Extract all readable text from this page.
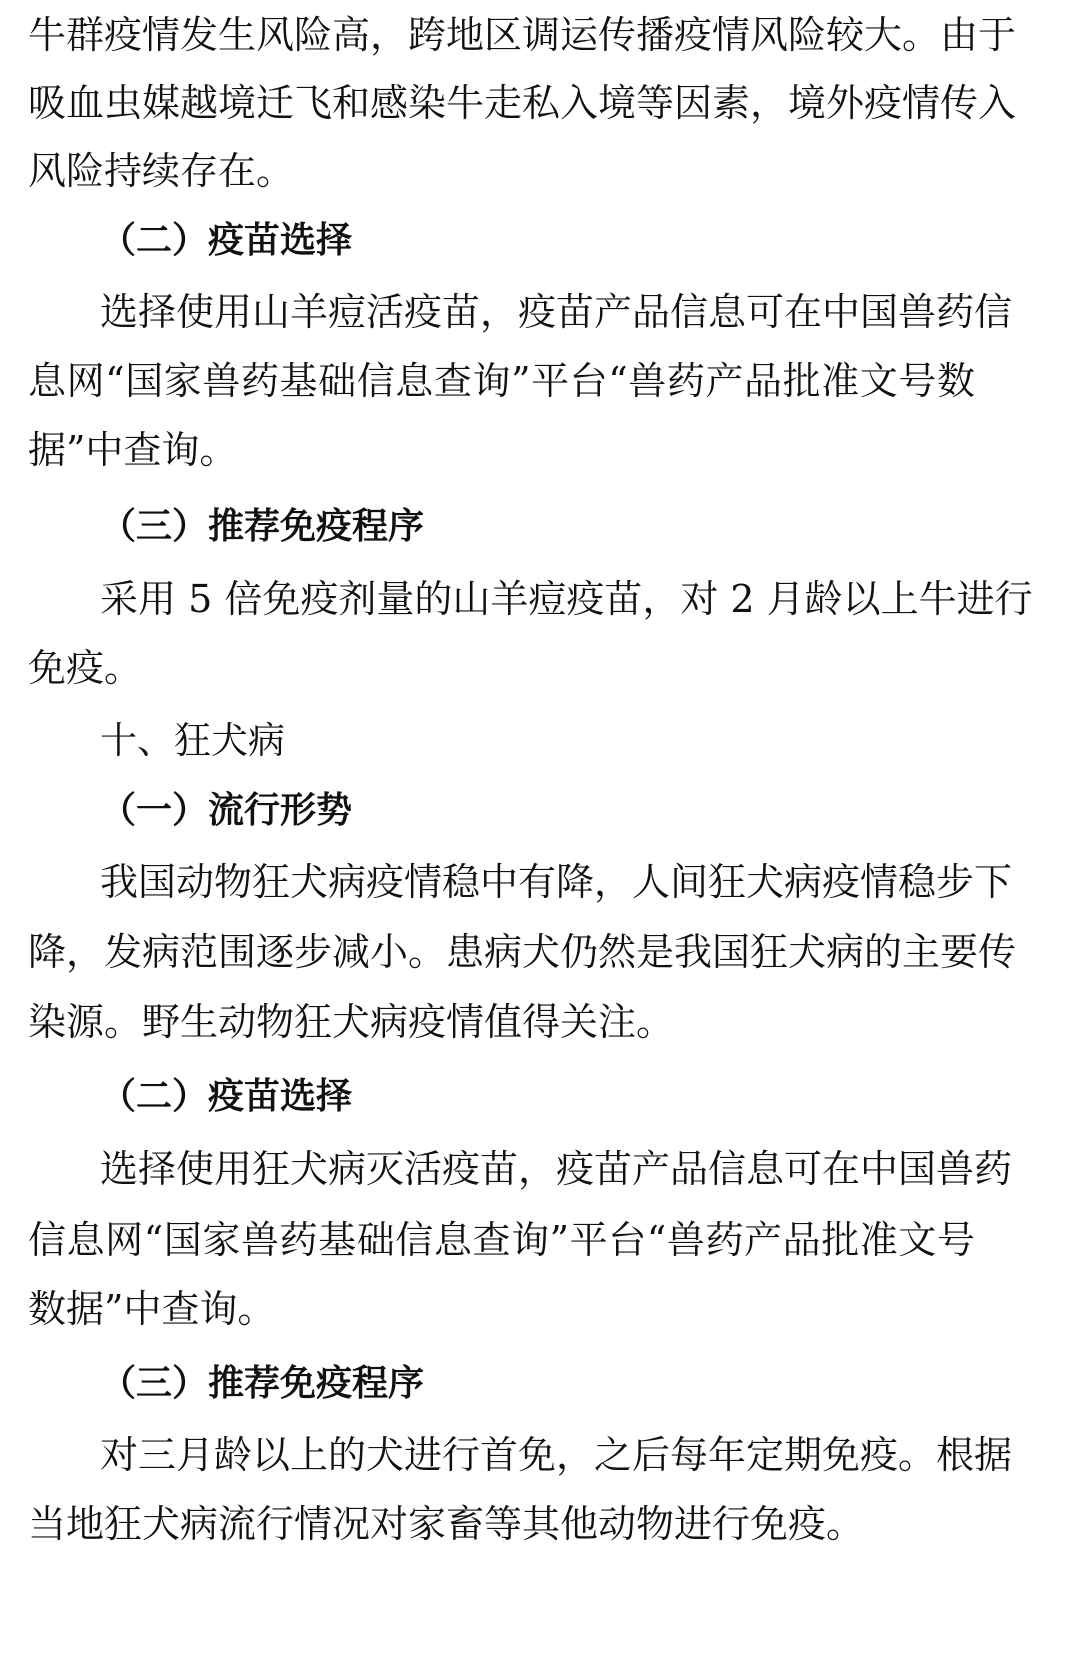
牛群疫情发生风险高，跨地区调运传播疫情风险较大。由于
吸血虫媒越境迁飞和感染牛走私入境等因素，境外疫情传入
风险持续存在。
（二）疫苗选择
选择使用山羊痘活疫苗，疫苗产品信息可在中国兽药信
息网“国家兽药基础信息查询”平台“兽药产品批准文号数
据”中查询。
（三）推荐免疫程序
采用 5 倍免疫剂量的山羊痘疫苗，对 2 月龄以上牛进行
免疫。
十、狂犬病
（一）流行形势
我国动物狂犬病疫情稳中有降，人间狂犬病疫情稳步下
降，发病范围逐步减小。患病犬仍然是我国狂犬病的主要传
染源。野生动物狂犬病疫情值得关注。
（二）疫苗选择
选择使用狂犬病灭活疫苗，疫苗产品信息可在中国兽药
信息网“国家兽药基础信息查询”平台“兽药产品批准文号
数据”中查询。
（三）推荐免疫程序
对三月龄以上的犬进行首免，之后每年定期免疫。根据
当地狂犬病流行情况对家畜等其他动物进行免疫。
